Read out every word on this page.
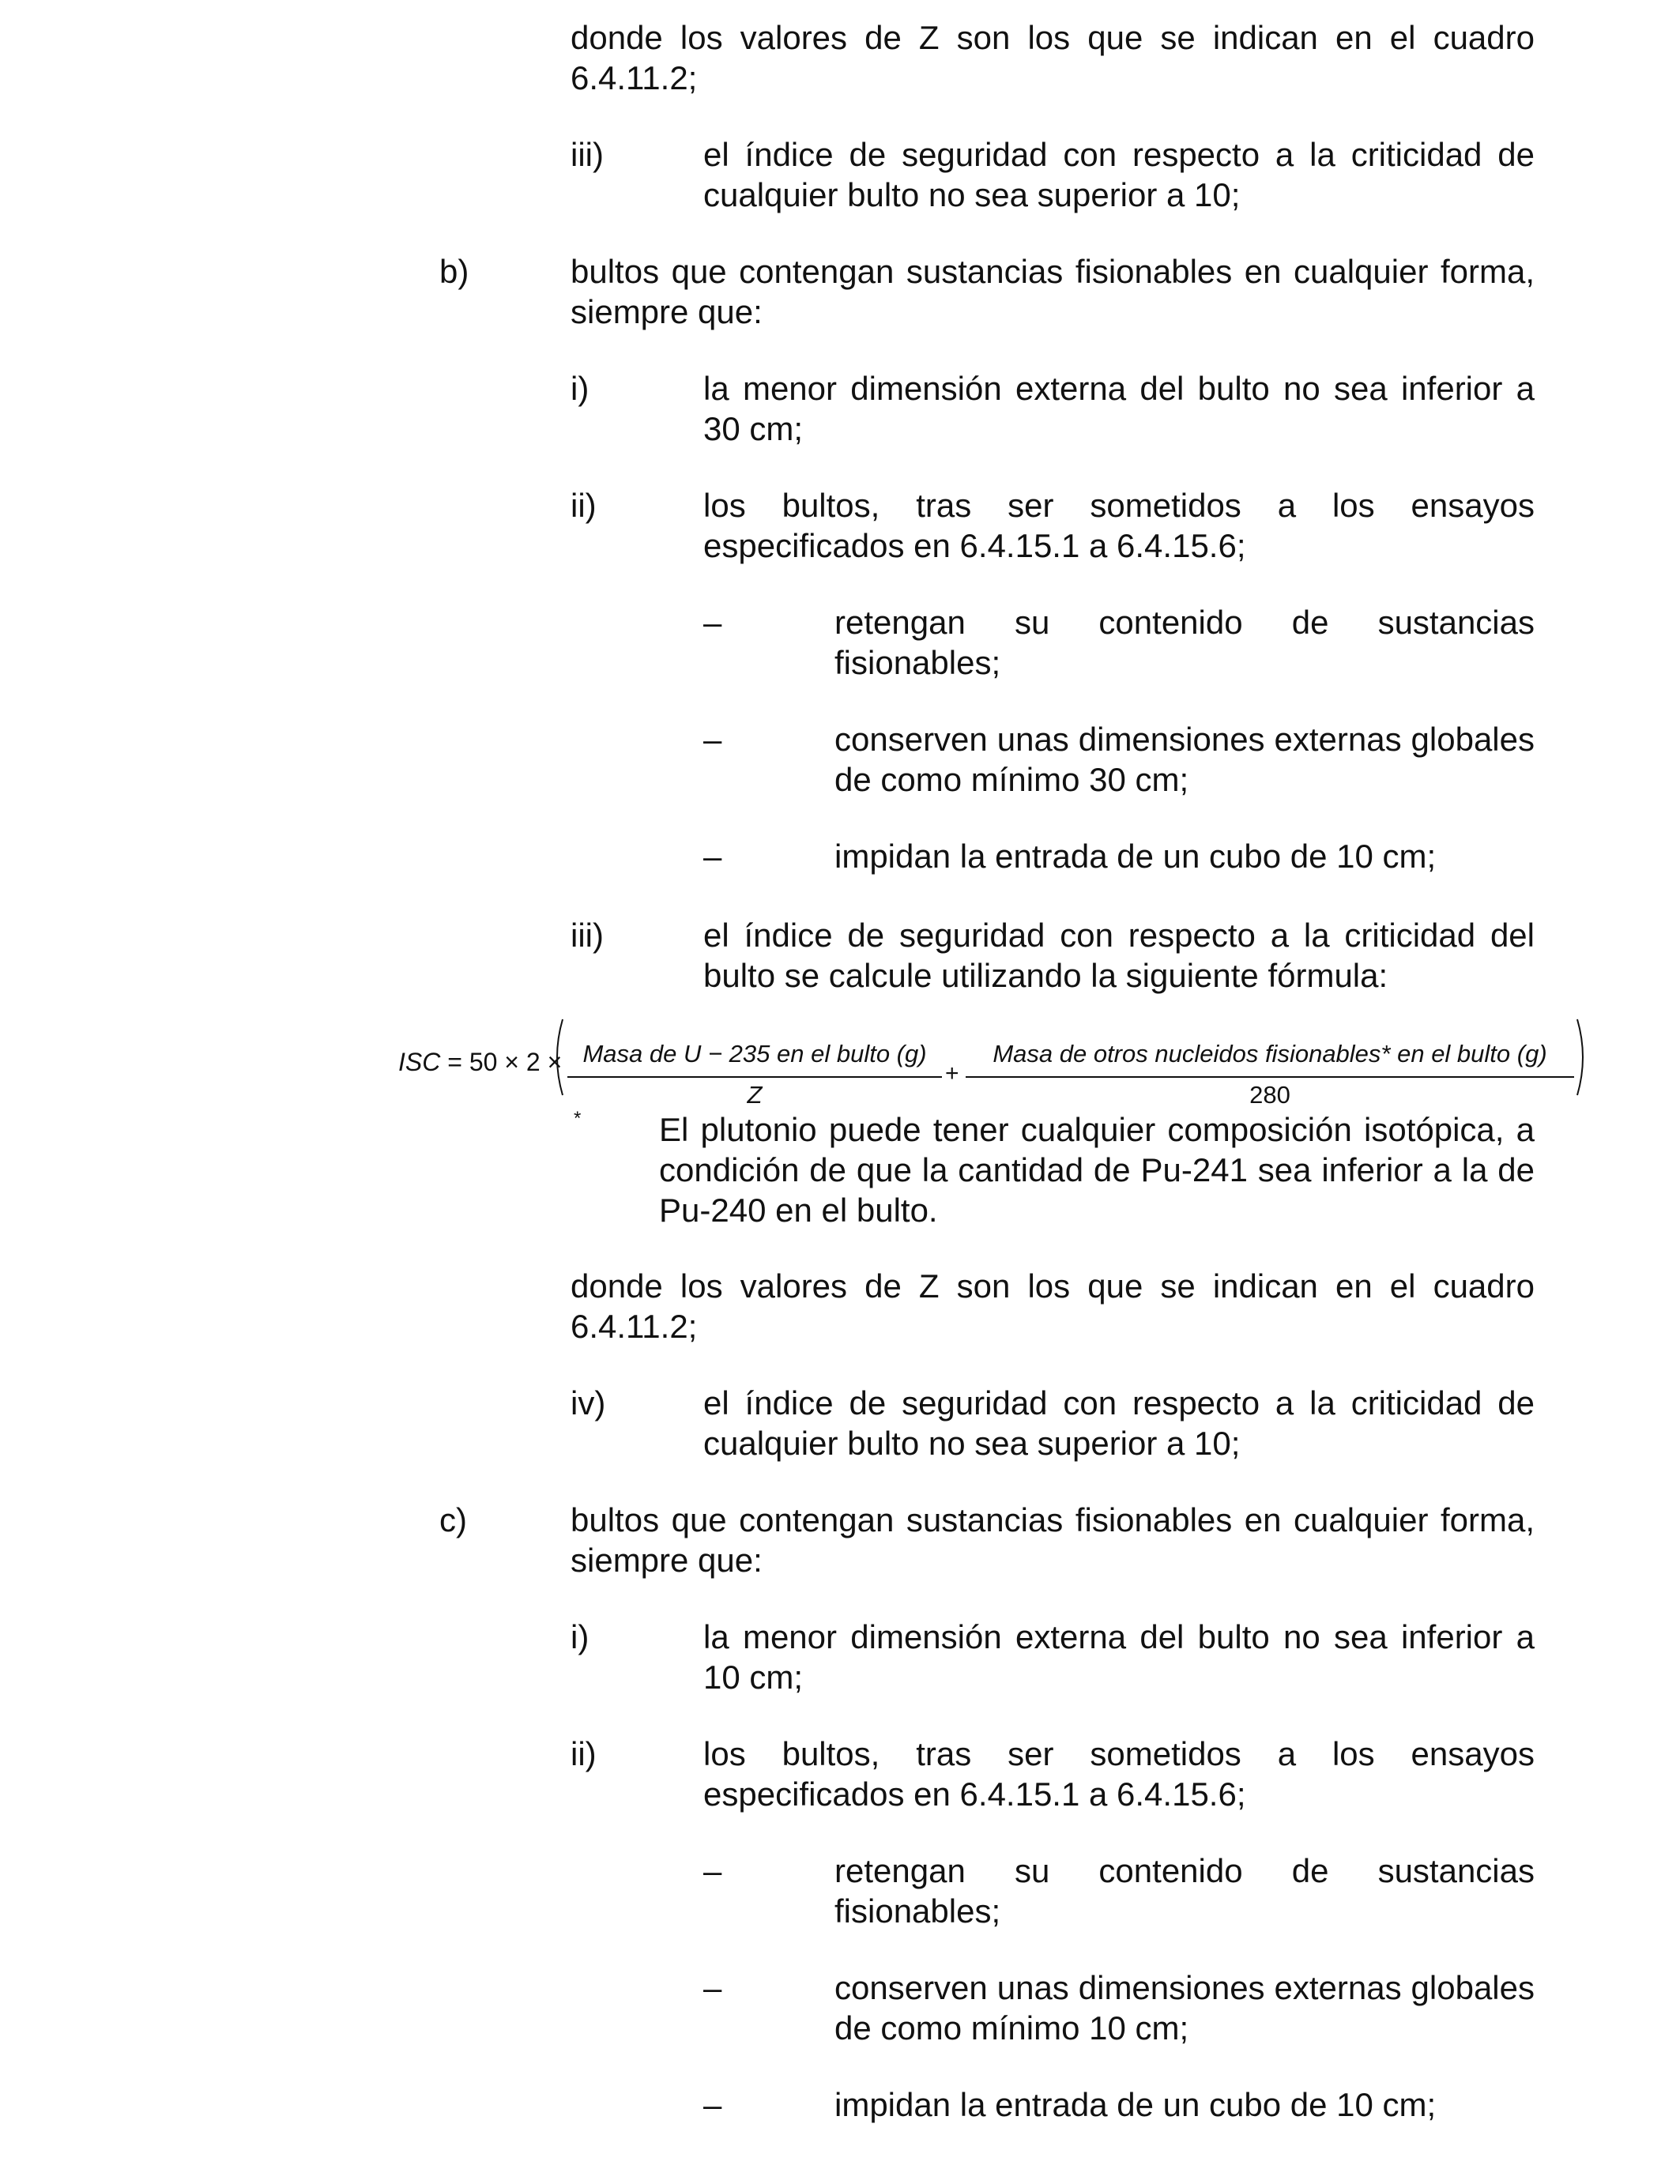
donde los valores de Z son los que se indican en el cuadro 6.4.11.2;
iii)	el índice de seguridad con respecto a la criticidad de cualquier bulto no sea superior a 10;
b)	bultos que contengan sustancias fisionables en cualquier forma, siempre que:
i)	la menor dimensión externa del bulto no sea inferior a 30 cm;
ii)	los bultos, tras ser sometidos a los ensayos especificados en 6.4.15.1 a 6.4.15.6;
–	retengan su contenido de sustancias fisionables;
–	conserven unas dimensiones externas globales de como mínimo 30 cm;
–	impidan la entrada de un cubo de 10 cm;
iii)	el índice de seguridad con respecto a la criticidad del bulto se calcule utilizando la siguiente fórmula:
ISC = 50 × 2 × Masa de U − 235 en el bulto (g)
Z
+
Masa de otros nucleidos fisionables* en el bulto (g)
280
* El plutonio puede tener cualquier composición isotópica, a condición de que la cantidad de Pu-241 sea inferior a la de Pu-240 en el bulto.
donde los valores de Z son los que se indican en el cuadro 6.4.11.2;
iv)	el índice de seguridad con respecto a la criticidad de cualquier bulto no sea superior a 10;
c)	bultos que contengan sustancias fisionables en cualquier forma, siempre que:
i)	la menor dimensión externa del bulto no sea inferior a 10 cm;
ii)	los bultos, tras ser sometidos a los ensayos especificados en 6.4.15.1 a 6.4.15.6;
–	retengan su contenido de sustancias fisionables;
–	conserven unas dimensiones externas globales de como mínimo 10 cm;
–	impidan la entrada de un cubo de 10 cm;
